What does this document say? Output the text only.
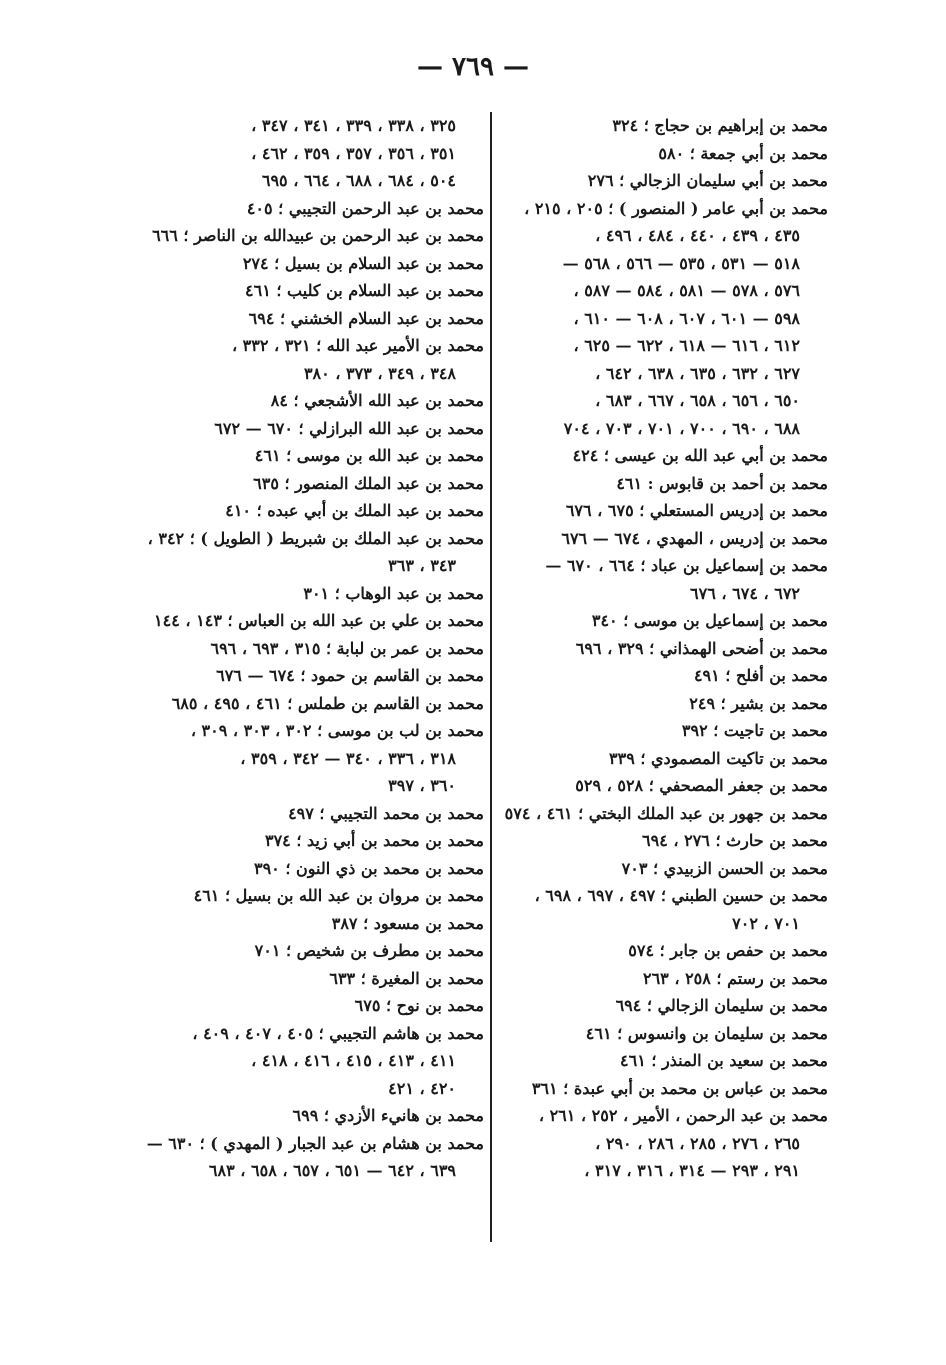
— ٧٦٩ —
محمد بن إبراهيم بن حجاج ؛ ٣٢٤
محمد بن أبي جمعة ؛ ٥٨٠
محمد بن أبي سليمان الزجالي ؛ ٢٧٦
محمد بن أبي عامر ( المنصور ) ؛ ٢٠٥ ، ٢١٥ ،
٤٣٥ ، ٤٣٩ ، ٤٤٠ ، ٤٨٤ ، ٤٩٦ ،
٥١٨ — ٥٣١ ، ٥٣٥ — ٥٦٦ ، ٥٦٨ —
٥٧٦ ، ٥٧٨ — ٥٨١ ، ٥٨٤ — ٥٨٧ ،
٥٩٨ — ٦٠١ ، ٦٠٧ ، ٦٠٨ — ٦١٠ ،
٦١٢ ، ٦١٦ — ٦١٨ ، ٦٢٢ — ٦٢٥ ،
٦٢٧ ، ٦٣٢ ، ٦٣٥ ، ٦٣٨ ، ٦٤٢ ،
٦٥٠ ، ٦٥٦ ، ٦٥٨ ، ٦٦٧ ، ٦٨٣ ،
٦٨٨ ، ٦٩٠ ، ٧٠٠ ، ٧٠١ ، ٧٠٣ ، ٧٠٤
محمد بن أبي عبد الله بن عيسى ؛ ٤٢٤
محمد بن أحمد بن قابوس : ٤٦١
محمد بن إدريس المستعلي ؛ ٦٧٥ ، ٦٧٦
محمد بن إدريس ، المهدي ، ٦٧٤ — ٦٧٦
محمد بن إسماعيل بن عباد ؛ ٦٦٤ ، ٦٧٠ —
٦٧٢ ، ٦٧٤ ، ٦٧٦
محمد بن إسماعيل بن موسى ؛ ٣٤٠
محمد بن أضحى الهمذاني ؛ ٣٢٩ ، ٦٩٦
محمد بن أفلح ؛ ٤٩١
محمد بن بشير ؛ ٢٤٩
محمد بن تاجيت ؛ ٣٩٢
محمد بن تاكيت المصمودي ؛ ٣٣٩
محمد بن جعفر المصحفي ؛ ٥٢٨ ، ٥٢٩
محمد بن جهور بن عبد الملك البختي ؛ ٤٦١ ، ٥٧٤
محمد بن حارث ؛ ٢٧٦ ، ٦٩٤
محمد بن الحسن الزبيدي ؛ ٧٠٣
محمد بن حسين الطبني ؛ ٤٩٧ ، ٦٩٧ ، ٦٩٨ ،
٧٠١ ، ٧٠٢
محمد بن حفص بن جابر ؛ ٥٧٤
محمد بن رستم ؛ ٢٥٨ ، ٢٦٣
محمد بن سليمان الزجالي ؛ ٦٩٤
محمد بن سليمان بن وانسوس ؛ ٤٦١
محمد بن سعيد بن المنذر ؛ ٤٦١
محمد بن عباس بن محمد بن أبي عبدة ؛ ٣٦١
محمد بن عبد الرحمن ، الأمير ، ٢٥٢ ، ٢٦١ ،
٢٦٥ ، ٢٧٦ ، ٢٨٥ ، ٢٨٦ ، ٢٩٠ ،
٢٩١ ، ٢٩٣ — ٣١٤ ، ٣١٦ ، ٣١٧ ،
٣٢٥ ، ٣٣٨ ، ٣٣٩ ، ٣٤١ ، ٣٤٧ ،
٣٥١ ، ٣٥٦ ، ٣٥٧ ، ٣٥٩ ، ٤٦٢ ،
٥٠٤ ، ٦٨٤ ، ٦٨٨ ، ٦٦٤ ، ٦٩٥
محمد بن عبد الرحمن التجيبي ؛ ٤٠٥
محمد بن عبد الرحمن بن عبيدالله بن الناصر ؛ ٦٦٦
محمد بن عبد السلام بن بسيل ؛ ٢٧٤
محمد بن عبد السلام بن كليب ؛ ٤٦١
محمد بن عبد السلام الخشني ؛ ٦٩٤
محمد بن الأمير عبد الله ؛ ٣٢١ ، ٣٣٢ ،
٣٤٨ ، ٣٤٩ ، ٣٧٣ ، ٣٨٠
محمد بن عبد الله الأشجعي ؛ ٨٤
محمد بن عبد الله البرازلي ؛ ٦٧٠ — ٦٧٢
محمد بن عبد الله بن موسى ؛ ٤٦١
محمد بن عبد الملك المنصور ؛ ٦٣٥
محمد بن عبد الملك بن أبي عبده ؛ ٤١٠
محمد بن عبد الملك بن شبريط ( الطويل ) ؛ ٣٤٢ ،
٣٤٣ ، ٣٦٣
محمد بن عبد الوهاب ؛ ٣٠١
محمد بن علي بن عبد الله بن العباس ؛ ١٤٣ ، ١٤٤
محمد بن عمر بن لبابة ؛ ٣١٥ ، ٦٩٣ ، ٦٩٦
محمد بن القاسم بن حمود ؛ ٦٧٤ — ٦٧٦
محمد بن القاسم بن طملس ؛ ٤٦١ ، ٤٩٥ ، ٦٨٥
محمد بن لب بن موسى ؛ ٣٠٢ ، ٣٠٣ ، ٣٠٩ ،
٣١٨ ، ٣٣٦ ، ٣٤٠ — ٣٤٢ ، ٣٥٩ ،
٣٦٠ ، ٣٩٧
محمد بن محمد التجيبي ؛ ٤٩٧
محمد بن محمد بن أبي زيد ؛ ٣٧٤
محمد بن محمد بن ذي النون ؛ ٣٩٠
محمد بن مروان بن عبد الله بن بسيل ؛ ٤٦١
محمد بن مسعود ؛ ٣٨٧
محمد بن مطرف بن شخيص ؛ ٧٠١
محمد بن المغيرة ؛ ٦٣٣
محمد بن نوح ؛ ٦٧٥
محمد بن هاشم التجيبي ؛ ٤٠٥ ، ٤٠٧ ، ٤٠٩ ،
٤١١ ، ٤١٣ ، ٤١٥ ، ٤١٦ ، ٤١٨ ،
٤٢٠ ، ٤٢١
محمد بن هانيء الأزدي ؛ ٦٩٩
محمد بن هشام بن عبد الجبار ( المهدي ) ؛ ٦٣٠ —
٦٣٩ ، ٦٤٢ — ٦٥١ ، ٦٥٧ ، ٦٥٨ ، ٦٨٣
